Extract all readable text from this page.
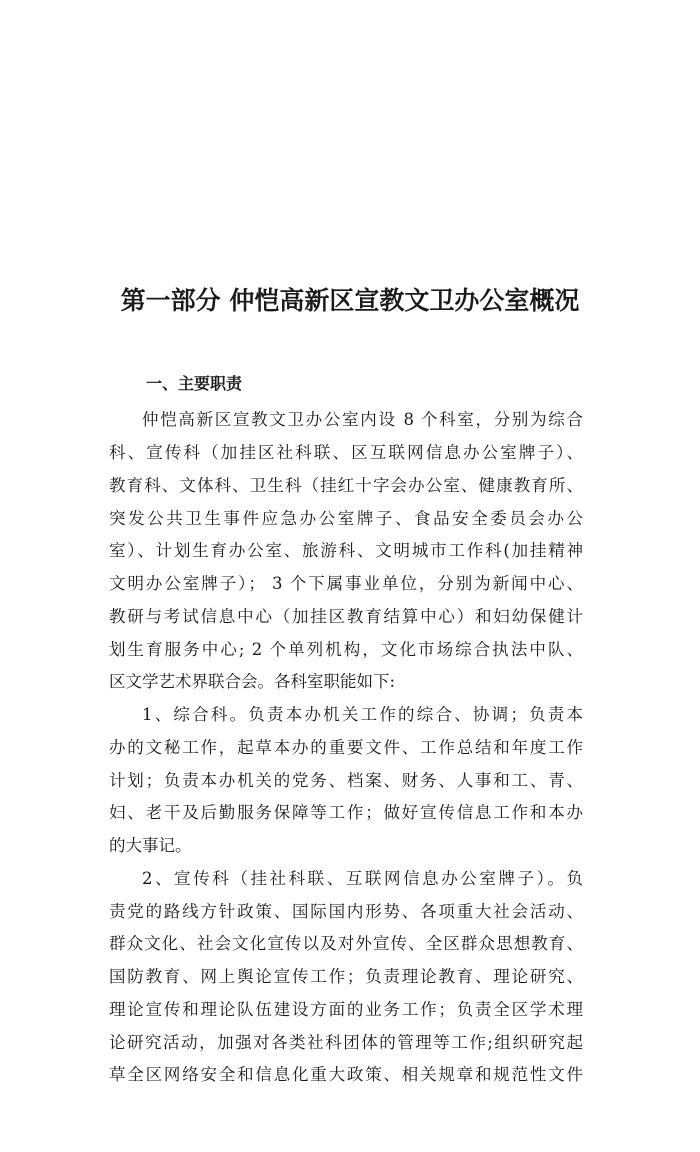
第一部分 仲恺高新区宣教文卫办公室概况
一、主要职责
仲恺高新区宣教文卫办公室内设 8 个科室，分别为综合
科、宣传科（加挂区社科联、区互联网信息办公室牌子）、
教育科、文体科、卫生科（挂红十字会办公室、健康教育所、
突发公共卫生事件应急办公室牌子、食品安全委员会办公
室）、计划生育办公室、旅游科、文明城市工作科(加挂精神
文明办公室牌子）； 3 个下属事业单位，分别为新闻中心、
教研与考试信息中心（加挂区教育结算中心）和妇幼保健计
划生育服务中心; 2 个单列机构，文化市场综合执法中队、
区文学艺术界联合会。各科室职能如下:
1、综合科。负责本办机关工作的综合、协调；负责本
办的文秘工作，起草本办的重要文件、工作总结和年度工作
计划；负责本办机关的党务、档案、财务、人事和工、青、
妇、老干及后勤服务保障等工作；做好宣传信息工作和本办
的大事记。
2、宣传科（挂社科联、互联网信息办公室牌子）。负
责党的路线方针政策、国际国内形势、各项重大社会活动、
群众文化、社会文化宣传以及对外宣传、全区群众思想教育、
国防教育、网上舆论宣传工作；负责理论教育、理论研究、
理论宣传和理论队伍建设方面的业务工作；负责全区学术理
论研究活动，加强对各类社科团体的管理等工作;组织研究起
草全区网络安全和信息化重大政策、相关规章和规范性文件
